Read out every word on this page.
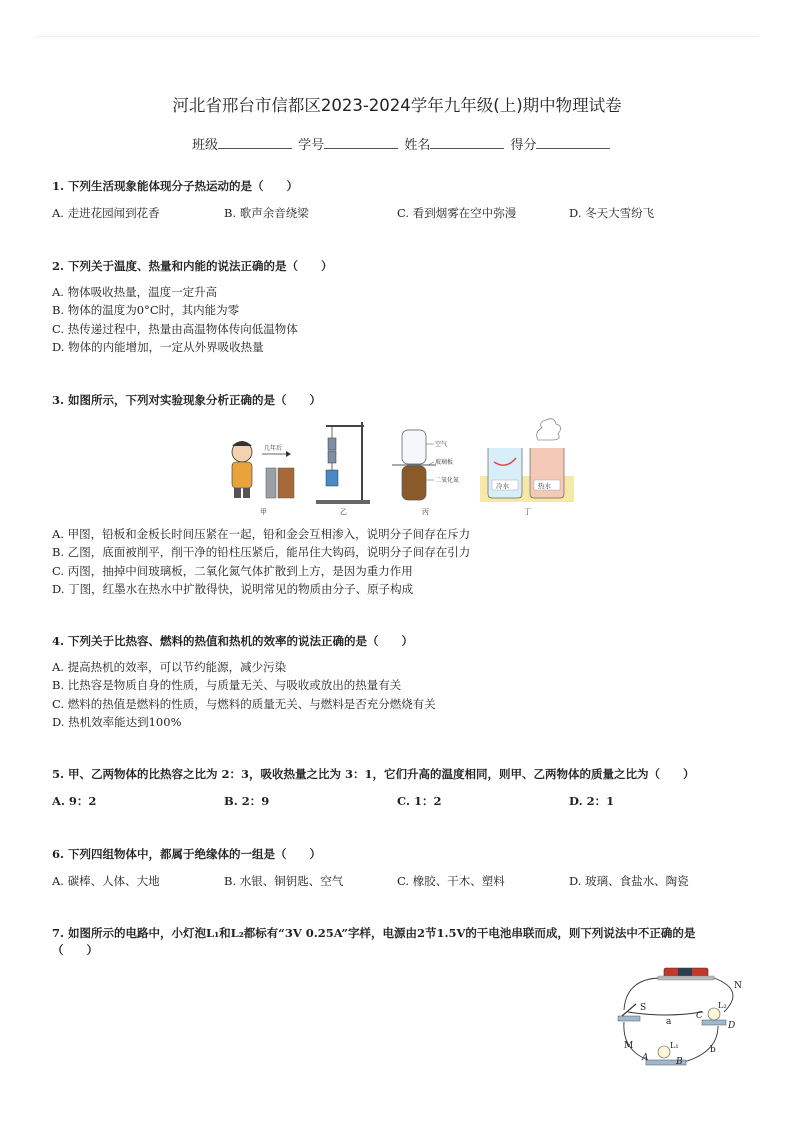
河北省邢台市信都区2023-2024学年九年级(上)期中物理试卷
班级	学号	姓名	得分
1. 下列生活现象能体现分子热运动的是（　　）
A. 走进花园闻到花香	B. 歌声余音绕梁	C. 看到烟雾在空中弥漫	D. 冬天大雪纷飞
2. 下列关于温度、热量和内能的说法正确的是（　　）
A. 物体吸收热量，温度一定升高
B. 物体的温度为0°C时，其内能为零
C. 热传递过程中，热量由高温物体传向低温物体
D. 物体的内能增加，一定从外界吸收热量
3. 如图所示，下列对实验现象分析正确的是（　　）
几年后
甲	乙
空气
玻璃板
二氧化氮
丙
冷水	热水
丁
A. 甲图，铅板和金板长时间压紧在一起，铅和金会互相渗入，说明分子间存在斥力
B. 乙图，底面被削平，削干净的铅柱压紧后，能吊住大钩码，说明分子间存在引力
C. 丙图，抽掉中间玻璃板，二氧化氮气体扩散到上方，是因为重力作用
D. 丁图，红墨水在热水中扩散得快，说明常见的物质由分子、原子构成
4. 下列关于比热容、燃料的热值和热机的效率的说法正确的是（　　）
A. 提高热机的效率，可以节约能源，减少污染
B. 比热容是物质自身的性质，与质量无关、与吸收或放出的热量有关
C. 燃料的热值是燃料的性质，与燃料的质量无关、与燃料是否充分燃烧有关
D. 热机效率能达到100%
5. 甲、乙两物体的比热容之比为 2：3，吸收热量之比为 3：1，它们升高的温度相同，则甲、乙两物体的质量之比为（　　）
A. 9：2	B. 2：9	C. 1：2	D. 2：1
6. 下列四组物体中，都属于绝缘体的一组是（　　）
A. 碳棒、人体、大地	B. 水银、铜钥匙、空气	C. 橡胶、干木、塑料	D. 玻璃、食盐水、陶瓷
7. 如图所示的电路中，小灯泡L₁和L₂都标有“3V 0.25A”字样，电源由2节1.5V的干电池串联而成，则下列说法中不正确的是
（　　）
N
S	L₂
C
D
a
M	L₁
A	B
b
